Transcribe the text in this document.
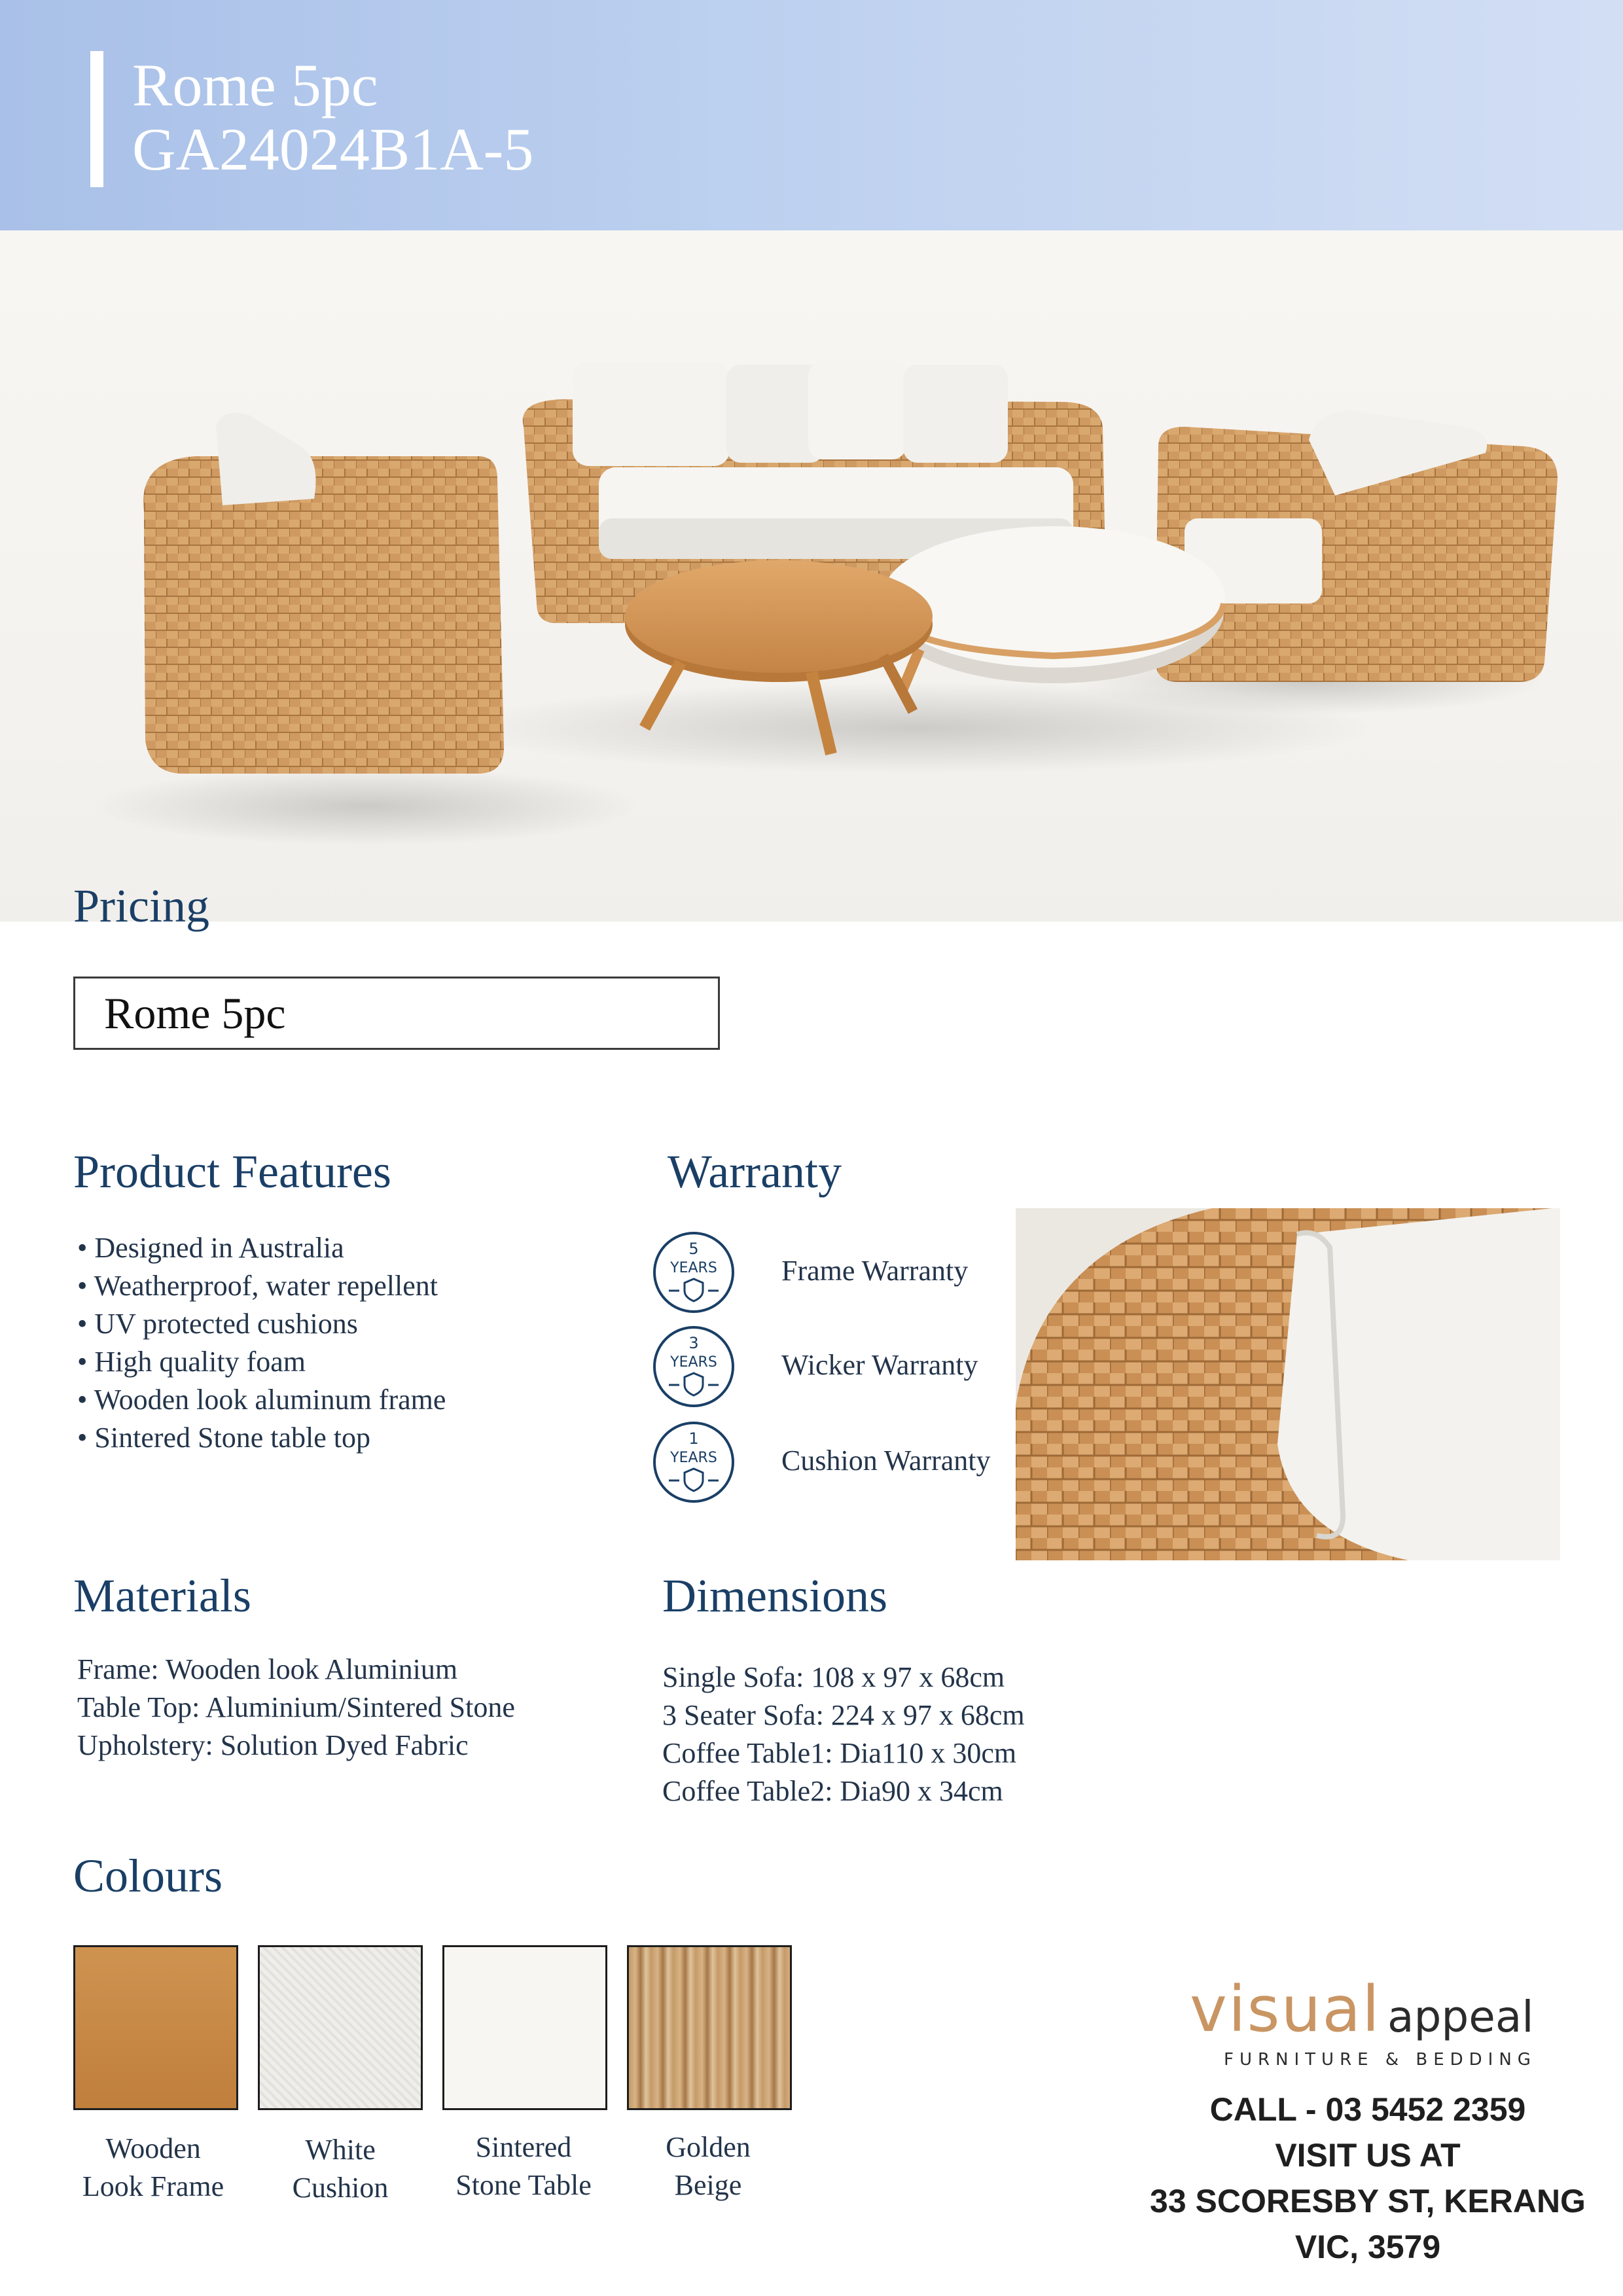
Rome 5pc
GA24024B1A-5
Pricing
Rome 5pc
Product Features
• Designed in Australia
• Weatherproof, water repellent
• UV protected cushions
• High quality foam
• Wooden look aluminum frame
• Sintered Stone table top
Warranty
5
YEARS Frame Warranty
3
YEARS Wicker Warranty
1
YEARS Cushion Warranty
Materials
Frame: Wooden look Aluminium
Table Top: Aluminium/Sintered Stone
Upholstery: Solution Dyed Fabric
Dimensions
Single Sofa: 108 x 97 x 68cm
3 Seater Sofa: 224 x 97 x 68cm
Coffee Table1: Dia110 x 30cm
Coffee Table2: Dia90 x 34cm
Colours
Wooden
Look Frame
White
Cushion
Sintered
Stone Table
Golden
Beige
visual appeal
FURNITURE & BEDDING
CALL - 03 5452 2359
VISIT US AT
33 SCORESBY ST, KERANG
VIC, 3579
